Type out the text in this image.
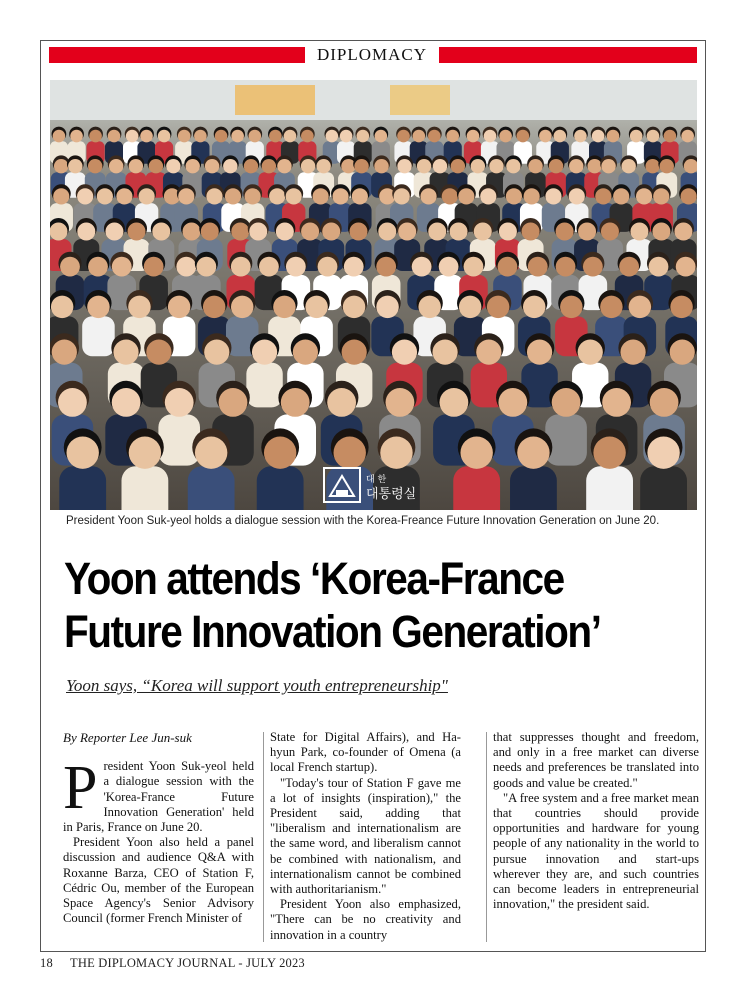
DIPLOMACY
대 한
대통령실
President Yoon Suk-yeol holds a dialogue session with the Korea-Freance Future Innovation Generation on June 20.
Yoon attends ‘Korea-France
Future Innovation Generation’
Yoon says, “Korea will support youth entrepreneurship"

By Reporter Lee Jun-suk

President Yoon Suk-yeol held a dialogue session with the 'Korea-France Future Innovation Generation' held in Paris, France on June 20.

President Yoon also held a panel discussion and audience Q&A with Roxanne Barza, CEO of Station F, Cédric Ou, member of the European Space Agency's Senior Advisory Council (former French Minister of

State for Digital Affairs), and Ha-hyun Park, co-founder of Omena (a local French startup).

"Today's tour of Station F gave me a lot of insights (inspiration)," the President said, adding that "liberalism and internationalism are the same word, and liberalism cannot be combined with nationalism, and internationalism cannot be combined with authoritarianism."

President Yoon also emphasized, "There can be no creativity and innovation in a country

that suppresses thought and freedom, and only in a free market can diverse needs and preferences be translated into goods and value be created."

"A free system and a free market mean that countries should provide opportunities and hardware for young people of any nationality in the world to pursue innovation and start-ups wherever they are, and such countries can become leaders in entrepreneurial innovation," the president said.

18 THE DIPLOMACY JOURNAL - JULY 2023
